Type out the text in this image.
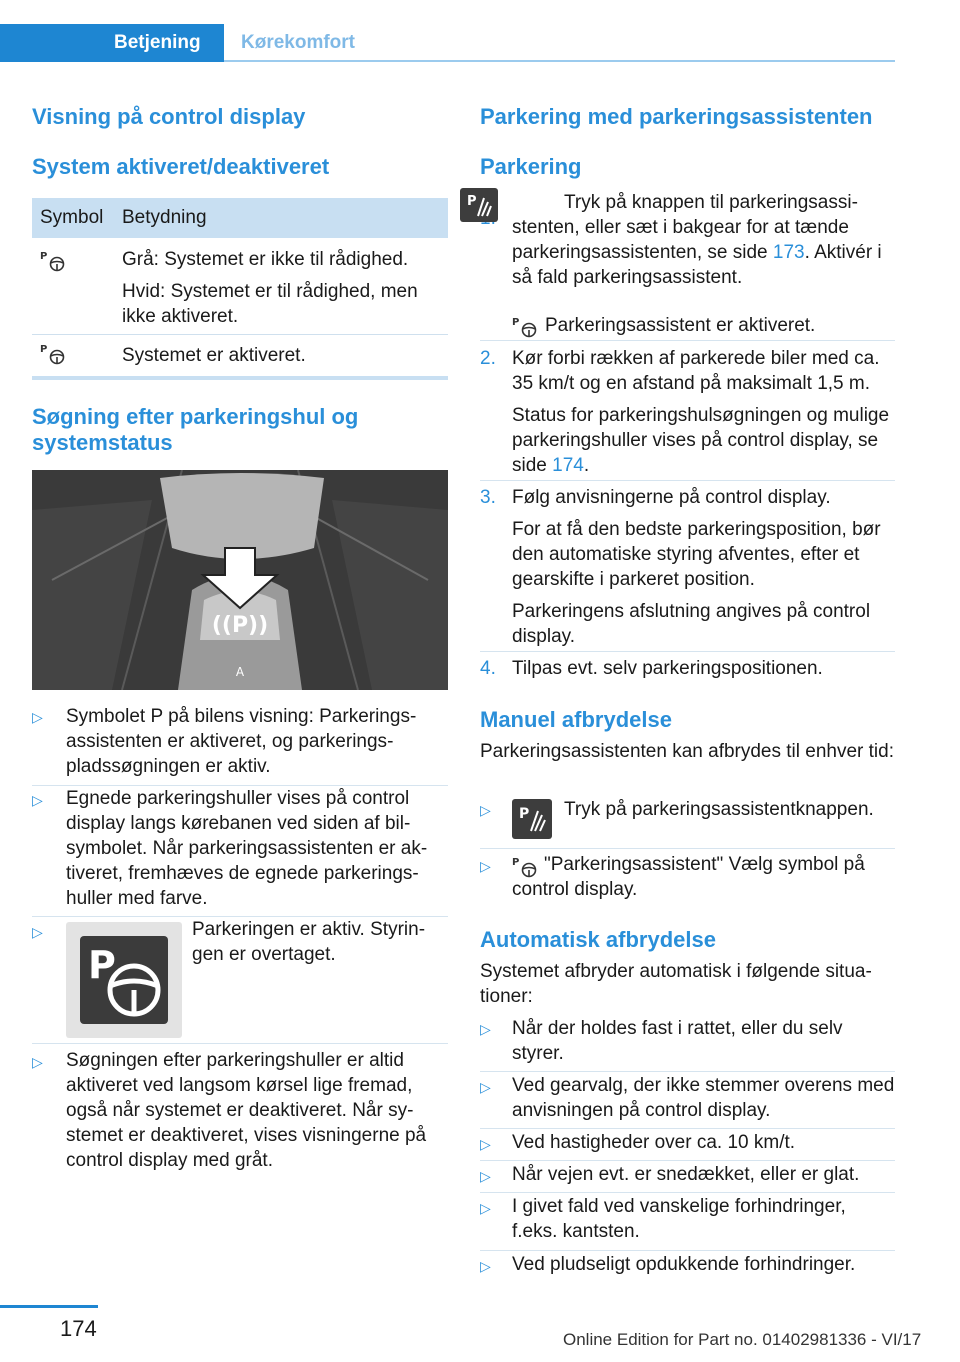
Betjening	Kørekomfort
Visning på control display
System aktiveret/deaktiveret
Symbol Betydning
P	Grå: Systemet er ikke til rådighed.
Hvid: Systemet er til rådighed, men ikke aktiveret.
P	Systemet er aktiveret.
Søgning efter parkeringshul og systemstatus
((P))
A
▷ Symbolet P på bilens visning: Parkeringsassistenten er aktiveret, og parkeringspladssøgningen er aktiv.

▷ Egnede parkeringshuller vises på control display langs kørebanen ved siden af bilsymbolet. Når parkeringsassistenten er aktiveret, fremhæves de egnede parkeringshuller med farve.

▷
P

Parkeringen er aktiv. Styringen er overtaget.

▷ Søgningen efter parkeringshuller er altid aktiveret ved langsom kørsel lige fremad, også når systemet er deaktiveret. Når systemet er deaktiveret, vises visningerne på control display med gråt.

Parkering med parkeringsassistenten
Parkering

P	Tryk på knappen til parkeringsassistenten, eller sæt i bakgear for at tænde parkeringsassistenten, se side 173. Aktivér i så fald parkeringsassistent.

P Parkeringsassistent er aktiveret.

2. Kør forbi rækken af parkerede biler med ca. 35 km/t og en afstand på maksimalt 1,5 m.

Status for parkeringshulsøgningen og mulige parkeringshuller vises på control display, se side 174.

3. Følg anvisningerne på control display.

For at få den bedste parkeringsposition, bør den automatiske styring afventes, efter et gearskifte i parkeret position.

Parkeringens afslutning angives på control display.

4. Tilpas evt. selv parkeringspositionen.

Manuel afbrydelse

Parkeringsassistenten kan afbrydes til enhver tid:

▷ P Tryk på parkeringsassistentknappen.

▷ P	"Parkeringsassistent" Vælg symbol på control display.

Automatisk afbrydelse

Systemet afbryder automatisk i følgende situationer:

▷ Når der holdes fast i rattet, eller du selv styrer.

▷ Ved gearvalg, der ikke stemmer overens med anvisningen på control display.

▷ Ved hastigheder over ca. 10 km/t.

▷ Når vejen evt. er snedækket, eller er glat.

▷ I givet fald ved vanskelige forhindringer, f.eks. kantsten.

▷ Ved pludseligt opdukkende forhindringer.

174	Online Edition for Part no. 01402981336 - VI/17
